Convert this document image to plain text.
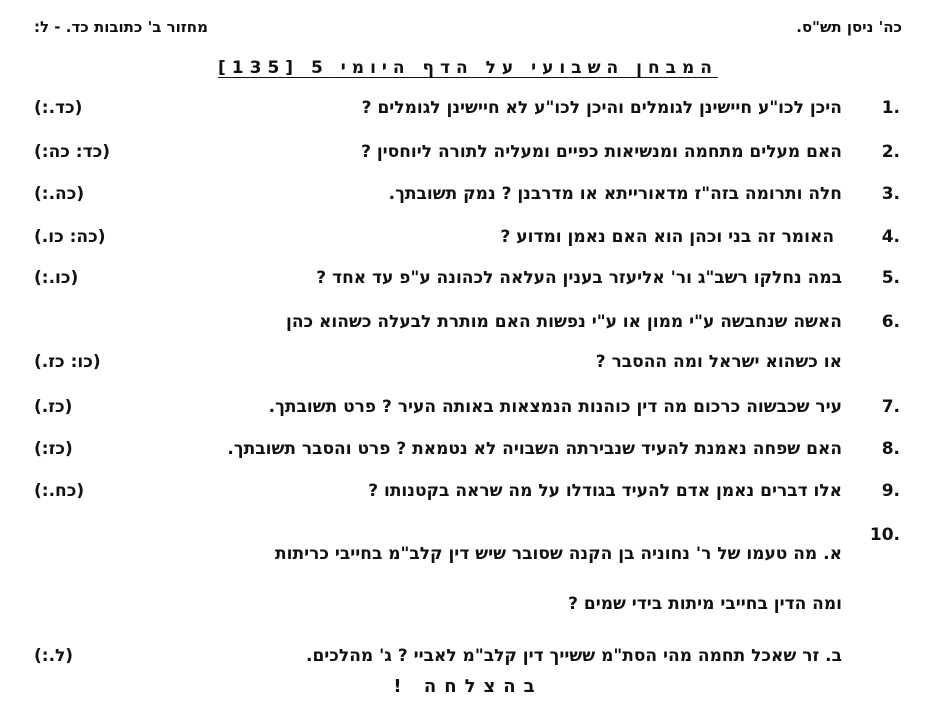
כה' ניסן תש"ס.
מחזור ב' כתובות כד. - ל:
המבחן השבועי על הדף היומי 5 [135]
1.
היכן לכו"ע חיישינן לגומלים והיכן לכו"ע לא חיישינן לגומלים ?
(כד.:)
2.
האם מעלים מתחמה ומנשיאות כפיים ומעליה לתורה ליוחסין ?
(כד: כה:)
3.
חלה ותרומה בזה"ז מדאורייתא או מדרבנן ? נמק תשובתך.
(כה.:)
4.
האומר זה בני וכהן הוא האם נאמן ומדוע ?
(כה: כו.)
5.
במה נחלקו רשב"ג ור' אליעזר בענין העלאה לכהונה ע"פ עד אחד ?
(כו.:)
6.
האשה שנחבשה ע"י ממון או ע"י נפשות האם מותרת לבעלה כשהוא כהן
או כשהוא ישראל ומה ההסבר ?
(כו: כז.)
7.
עיר שכבשוה כרכום מה דין כוהנות הנמצאות באותה העיר ? פרט תשובתך.
(כז.)
8.
האם שפחה נאמנת להעיד שנבירתה השבויה לא נטמאת ? פרט והסבר תשובתך.
(כז:)
9.
אלו דברים נאמן אדם להעיד בגודלו על מה שראה בקטנותו ?
(כח.:)
10.
א. מה טעמו של ר' נחוניה בן הקנה שסובר שיש דין קלב"מ בחייבי כריתות
ומה הדין בחייבי מיתות בידי שמים ?
ב. זר שאכל תחמה מהי הסת"מ ששייך דין קלב"מ לאביי ? ג' מהלכים.
(ל.:)
בהצלחה !
